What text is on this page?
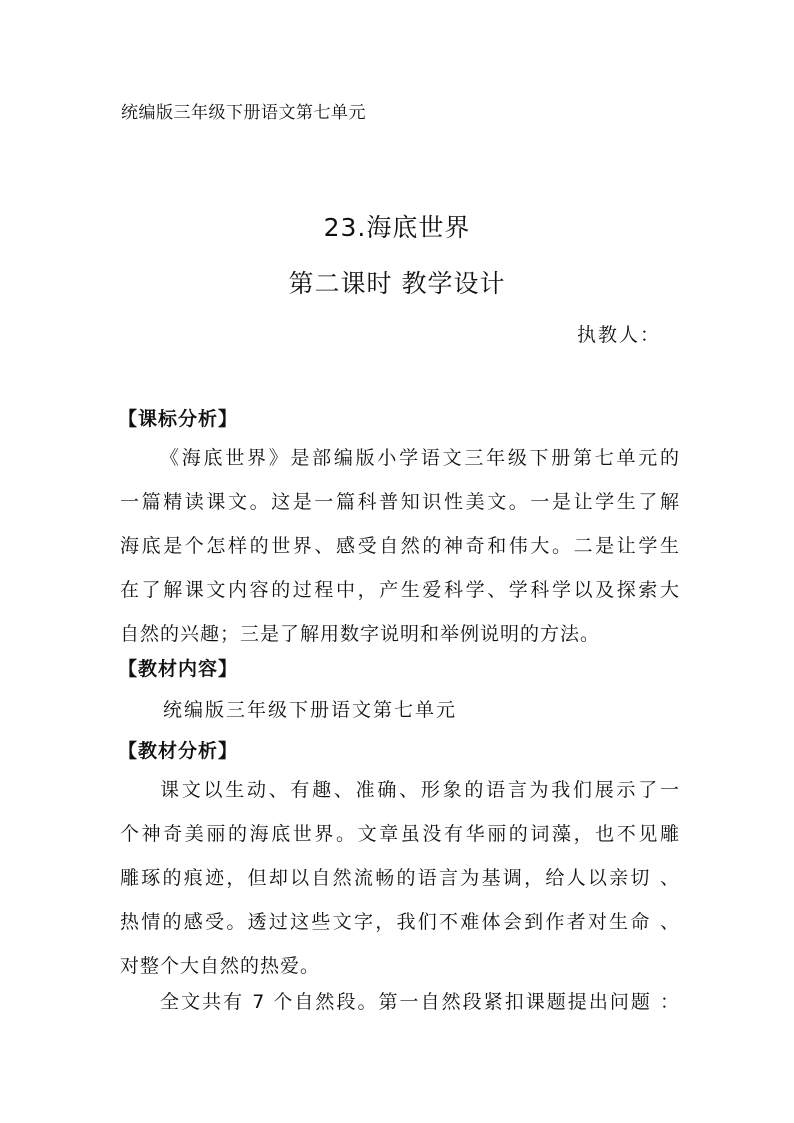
统编版三年级下册语文第七单元
23.海底世界
第二课时 教学设计
执教人：
【课标分析】
《海底世界》是部编版小学语文三年级下册第七单元的
一篇精读课文。这是一篇科普知识性美文。一是让学生了解
海底是个怎样的世界、感受自然的神奇和伟大。二是让学生
在了解课文内容的过程中，产生爱科学、学科学以及探索大
自然的兴趣；三是了解用数字说明和举例说明的方法。
【教材内容】
统编版三年级下册语文第七单元
【教材分析】
课文以生动、有趣、准确、形象的语言为我们展示了一
个神奇美丽的海底世界。文章虽没有华丽的词藻，也不见雕
雕琢的痕迹，但却以自然流畅的语言为基调，给人以亲切 、
热情的感受。透过这些文字，我们不难体会到作者对生命 、
对整个大自然的热爱。
全文共有 7 个自然段。第一自然段紧扣课题提出问题 ：
